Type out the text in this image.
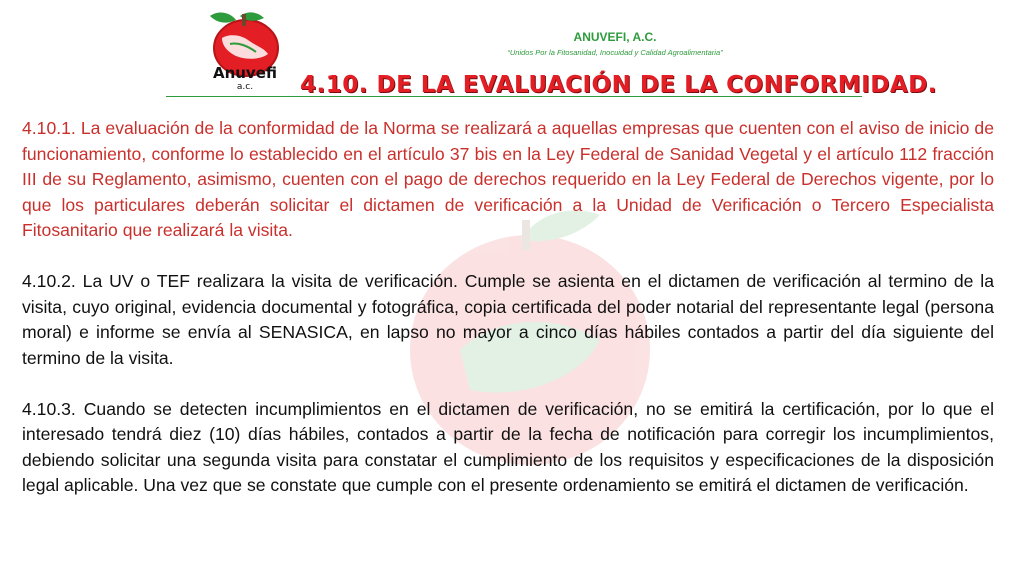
Anuvefi
a.c.
ANUVEFI, A.C.
“Unidos Por la Fitosanidad, Inocuidad y Calidad Agroalimentaria”
4.10. DE LA EVALUACIÓN DE LA CONFORMIDAD.

4.10.1. La evaluación de la conformidad de la Norma se realizará a aquellas empresas que cuenten con el aviso de inicio de funcionamiento, conforme lo establecido en el artículo 37 bis en la Ley Federal de Sanidad Vegetal y el artículo 112 fracción III de su Reglamento, asimismo, cuenten con el pago de derechos requerido en la Ley Federal de Derechos vigente, por lo que los particulares deberán solicitar el dictamen de verificación a la Unidad de Verificación o Tercero Especialista Fitosanitario que realizará la visita.

4.10.2. La UV o TEF realizara la visita de verificación. Cumple se asienta en el dictamen de verificación al termino de la visita, cuyo original, evidencia documental y fotográfica, copia certificada del poder notarial del representante legal (persona moral) e informe se envía al SENASICA, en lapso no mayor a cinco días hábiles contados a partir del día siguiente del termino de la visita.

4.10.3. Cuando se detecten incumplimientos en el dictamen de verificación, no se emitirá la certificación, por lo que el interesado tendrá diez (10) días hábiles, contados a partir de la fecha de notificación para corregir los incumplimientos, debiendo solicitar una segunda visita para constatar el cumplimiento de los requisitos y especificaciones de la disposición legal aplicable. Una vez que se constate que cumple con el presente ordenamiento se emitirá el dictamen de verificación.
